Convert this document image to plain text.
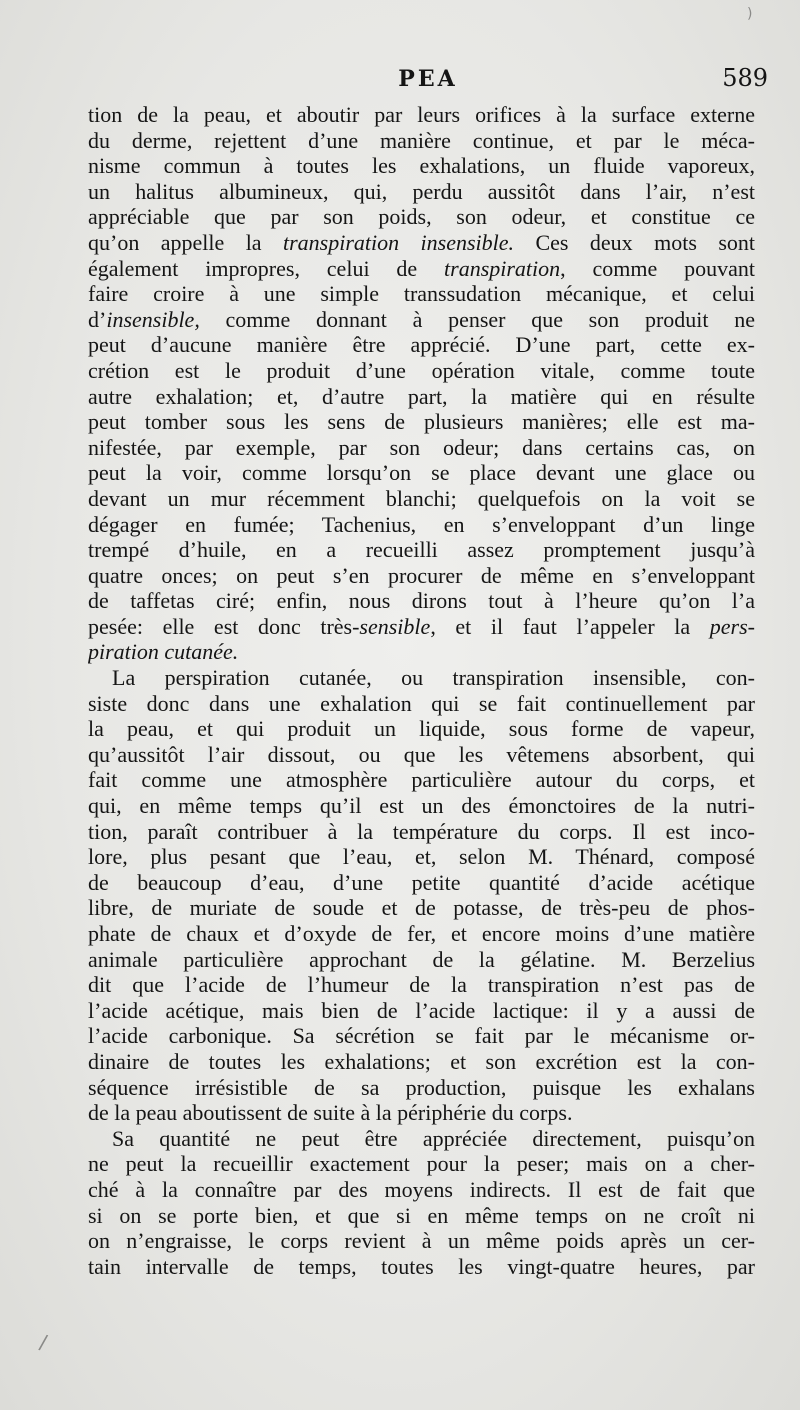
)
PEA	589
tion de la peau, et aboutir par leurs orifices à la surface externe
du derme, rejettent d’une manière continue, et par le méca-
nisme commun à toutes les exhalations, un fluide vaporeux,
un halitus albumineux, qui, perdu aussitôt dans l’air, n’est
appréciable que par son poids, son odeur, et constitue ce
qu’on appelle la transpiration insensible. Ces deux mots sont
également impropres, celui de transpiration, comme pouvant
faire croire à une simple transsudation mécanique, et celui
d’insensible, comme donnant à penser que son produit ne
peut d’aucune manière être apprécié. D’une part, cette ex-
crétion est le produit d’une opération vitale, comme toute
autre exhalation; et, d’autre part, la matière qui en résulte
peut tomber sous les sens de plusieurs manières; elle est ma-
nifestée, par exemple, par son odeur; dans certains cas, on
peut la voir, comme lorsqu’on se place devant une glace ou
devant un mur récemment blanchi; quelquefois on la voit se
dégager en fumée; Tachenius, en s’enveloppant d’un linge
trempé d’huile, en a recueilli assez promptement jusqu’à
quatre onces; on peut s’en procurer de même en s’enveloppant
de taffetas ciré; enfin, nous dirons tout à l’heure qu’on l’a
pesée: elle est donc très-sensible, et il faut l’appeler la pers-
piration cutanée.
La perspiration cutanée, ou transpiration insensible, con-
siste donc dans une exhalation qui se fait continuellement par
la peau, et qui produit un liquide, sous forme de vapeur,
qu’aussitôt l’air dissout, ou que les vêtemens absorbent, qui
fait comme une atmosphère particulière autour du corps, et
qui, en même temps qu’il est un des émonctoires de la nutri-
tion, paraît contribuer à la température du corps. Il est inco-
lore, plus pesant que l’eau, et, selon M. Thénard, composé
de beaucoup d’eau, d’une petite quantité d’acide acétique
libre, de muriate de soude et de potasse, de très-peu de phos-
phate de chaux et d’oxyde de fer, et encore moins d’une matière
animale particulière approchant de la gélatine. M. Berzelius
dit que l’acide de l’humeur de la transpiration n’est pas de
l’acide acétique, mais bien de l’acide lactique: il y a aussi de
l’acide carbonique. Sa sécrétion se fait par le mécanisme or-
dinaire de toutes les exhalations; et son excrétion est la con-
séquence irrésistible de sa production, puisque les exhalans
de la peau aboutissent de suite à la périphérie du corps.
Sa quantité ne peut être appréciée directement, puisqu’on
ne peut la recueillir exactement pour la peser; mais on a cher-
ché à la connaître par des moyens indirects. Il est de fait que
si on se porte bien, et que si en même temps on ne croît ni
on n’engraisse, le corps revient à un même poids après un cer-
tain intervalle de temps, toutes les vingt-quatre heures, par
/
